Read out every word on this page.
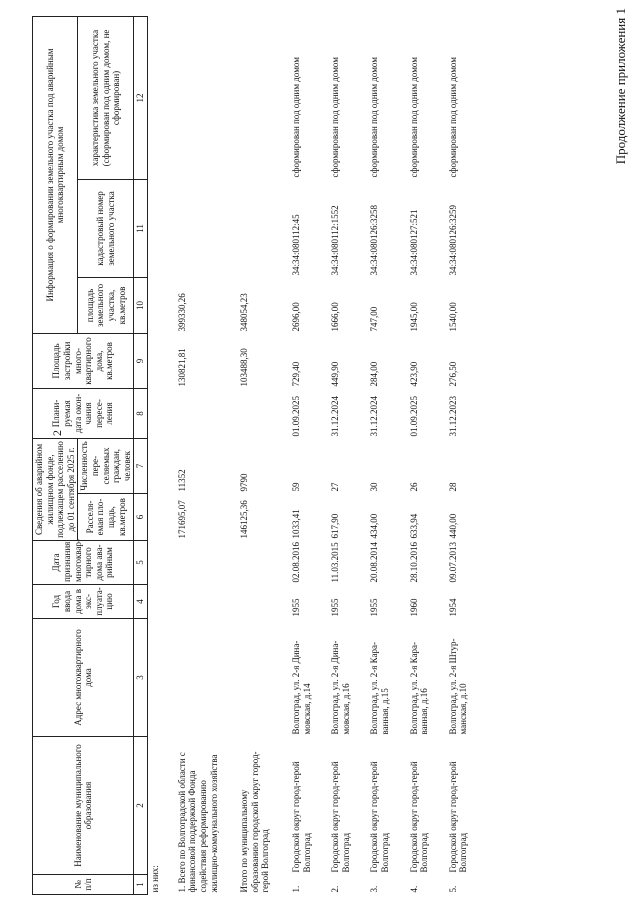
2
Продолжение приложения 1
№ п/п	Наименование муниципального образования	Адрес многоквартирного дома	Год ввода дома в эксплуатацию	Дата признания многоквартирного дома аварийным	Сведения об аварийном жилищном фонде, подлежащем расселению до 01 сентября 2025 г.		Планируемая дата окончания переселения	Площадь застройки многоквартирного дома, кв.метров	Информация о формировании земельного участка под аварийным многоквартирным домом		
					Расселяемая площадь, кв.метров	Численность переселяемых граждан, человек			площадь земельного участка, кв.метров	кадастровый номер земельного участка	характеристика земельного участка (сформирован под одним домом, не сформирован)
1	2	3	4	5	6	7	8	9	10	11	12
из них:											

1. Всего по Волгоградской области с финансовой поддержкой Фонда содействия реформированию жилищно-коммунального хозяйства					171695,07	11352		130821,81	399330,26		
Итого по муниципальному образованию городской округ город-герой Волгоград					146125,36	9790		103488,30	348054,23		
1.	Городской округ город-герой Волгоград	Волгоград, ул. 2-я Динамовская, д.14	1955	02.08.2016	1033,41	59	01.09.2025	729,40	2696,00	34:34:080112:45	сформирован под одним домом
2.	Городской округ город-герой Волгоград	Волгоград, ул. 2-я Динамовская, д.16	1955	11.03.2015	617,90	27	31.12.2024	449,90	1666,00	34:34:080112:1552	сформирован под одним домом
3.	Городской округ город-герой Волгоград	Волгоград, ул. 2-я Караванная, д.15	1955	20.08.2014	434,00	30	31.12.2024	284,00	747,00	34:34:080126:3258	сформирован под одним домом
4.	Городской округ город-герой Волгоград	Волгоград, ул. 2-я Караванная, д.16	1960	28.10.2016	633,94	26	01.09.2025	423,90	1945,00	34:34:080127:521	сформирован под одним домом
5.	Городской округ город-герой Волгоград	Волгоград, ул. 2-я Штурманская, д.10	1954	09.07.2013	440,00	28	31.12.2023	276,50	1540,00	34:34:080126:3259	сформирован под одним домом
